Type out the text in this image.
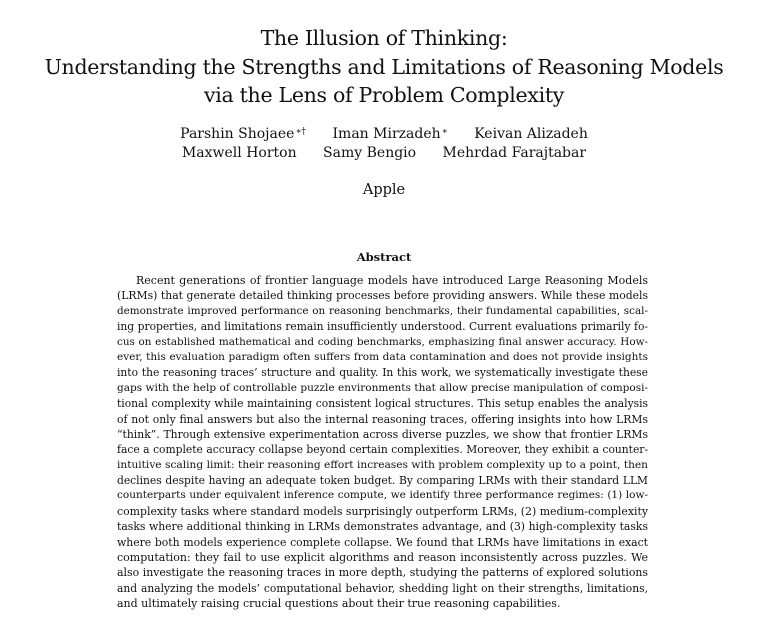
The Illusion of Thinking:
Understanding the Strengths and Limitations of Reasoning Models
via the Lens of Problem Complexity
Parshin Shojaee∗† Iman Mirzadeh∗ Keivan Alizadeh
Maxwell Horton Samy Bengio Mehrdad Farajtabar
Apple
Abstract
Recent generations of frontier language models have introduced Large Reasoning Models
(LRMs) that generate detailed thinking processes before providing answers. While these models
demonstrate improved performance on reasoning benchmarks, their fundamental capabilities, scal-
ing properties, and limitations remain insufficiently understood. Current evaluations primarily fo-
cus on established mathematical and coding benchmarks, emphasizing final answer accuracy. How-
ever, this evaluation paradigm often suffers from data contamination and does not provide insights
into the reasoning traces’ structure and quality. In this work, we systematically investigate these
gaps with the help of controllable puzzle environments that allow precise manipulation of composi-
tional complexity while maintaining consistent logical structures. This setup enables the analysis
of not only final answers but also the internal reasoning traces, offering insights into how LRMs
“think”. Through extensive experimentation across diverse puzzles, we show that frontier LRMs
face a complete accuracy collapse beyond certain complexities. Moreover, they exhibit a counter-
intuitive scaling limit: their reasoning effort increases with problem complexity up to a point, then
declines despite having an adequate token budget. By comparing LRMs with their standard LLM
counterparts under equivalent inference compute, we identify three performance regimes: (1) low-
complexity tasks where standard models surprisingly outperform LRMs, (2) medium-complexity
tasks where additional thinking in LRMs demonstrates advantage, and (3) high-complexity tasks
where both models experience complete collapse. We found that LRMs have limitations in exact
computation: they fail to use explicit algorithms and reason inconsistently across puzzles. We
also investigate the reasoning traces in more depth, studying the patterns of explored solutions
and analyzing the models’ computational behavior, shedding light on their strengths, limitations,
and ultimately raising crucial questions about their true reasoning capabilities.
